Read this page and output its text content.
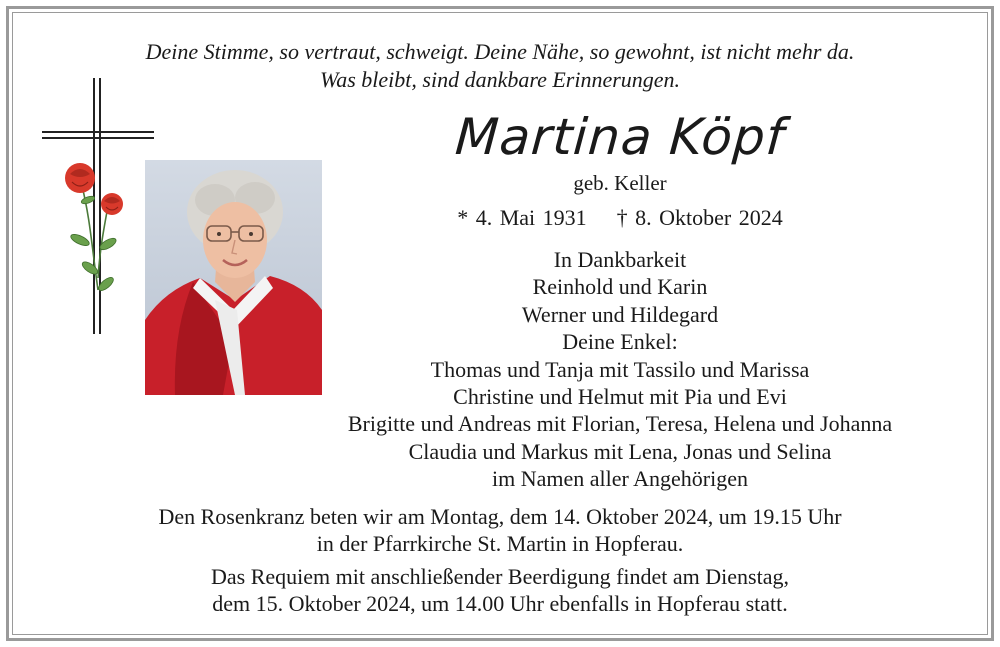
Deine Stimme, so vertraut, schweigt. Deine Nähe, so gewohnt, ist nicht mehr da.
Was bleibt, sind dankbare Erinnerungen.
Martina Köpf
geb. Keller
* 4. Mai 1931 † 8. Oktober 2024
In Dankbarkeit
Reinhold und Karin
Werner und Hildegard
Deine Enkel:
Thomas und Tanja mit Tassilo und Marissa
Christine und Helmut mit Pia und Evi
Brigitte und Andreas mit Florian, Teresa, Helena und Johanna
Claudia und Markus mit Lena, Jonas und Selina
im Namen aller Angehörigen
Den Rosenkranz beten wir am Montag, dem 14. Oktober 2024, um 19.15 Uhr
in der Pfarrkirche St. Martin in Hopferau.
Das Requiem mit anschließender Beerdigung findet am Dienstag,
dem 15. Oktober 2024, um 14.00 Uhr ebenfalls in Hopferau statt.
